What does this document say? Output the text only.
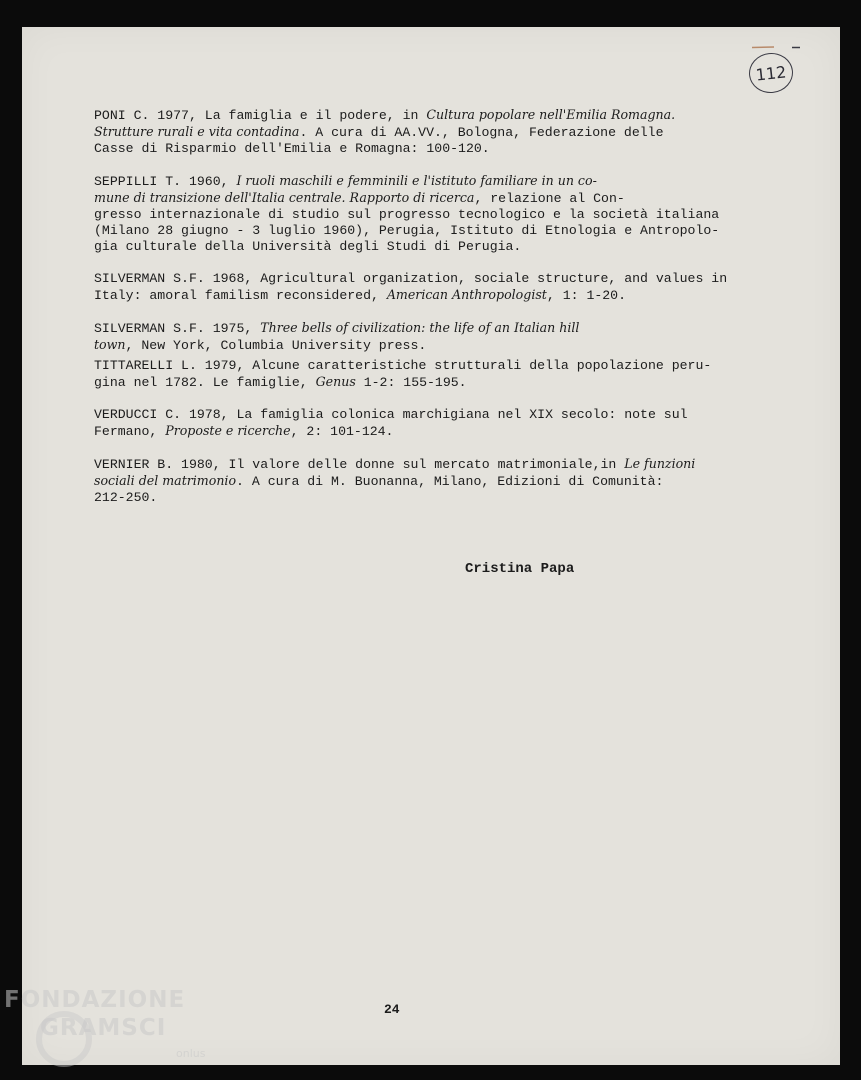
112

PONI C. 1977, La famiglia e il podere, in Cultura popolare nell'Emilia Romagna.
Strutture rurali e vita contadina. A cura di AA.VV., Bologna, Federazione delle
Casse di Risparmio dell'Emilia e Romagna: 100-120.

SEPPILLI T. 1960, I ruoli maschili e femminili e l'istituto familiare in un co-
mune di transizione dell'Italia centrale. Rapporto di ricerca, relazione al Con-
gresso internazionale di studio sul progresso tecnologico e la società italiana
(Milano 28 giugno - 3 luglio 1960), Perugia, Istituto di Etnologia e Antropolo-
gia culturale della Università degli Studi di Perugia.

SILVERMAN S.F. 1968, Agricultural organization, sociale structure, and values in
Italy: amoral familism reconsidered, American Anthropologist, 1: 1-20.

SILVERMAN S.F. 1975, Three bells of civilization: the life of an Italian hill
town, New York, Columbia University press.

TITTARELLI L. 1979, Alcune caratteristiche strutturali della popolazione peru-
gina nel 1782. Le famiglie, Genus 1-2: 155-195.

VERDUCCI C. 1978, La famiglia colonica marchigiana nel XIX secolo: note sul
Fermano, Proposte e ricerche, 2: 101-124.

VERNIER B. 1980, Il valore delle donne sul mercato matrimoniale,in Le funzioni
sociali del matrimonio. A cura di M. Buonanna, Milano, Edizioni di Comunità:
212-250.

Cristina Papa
24
FONDAZIONE
GRAMSCI
onlus
